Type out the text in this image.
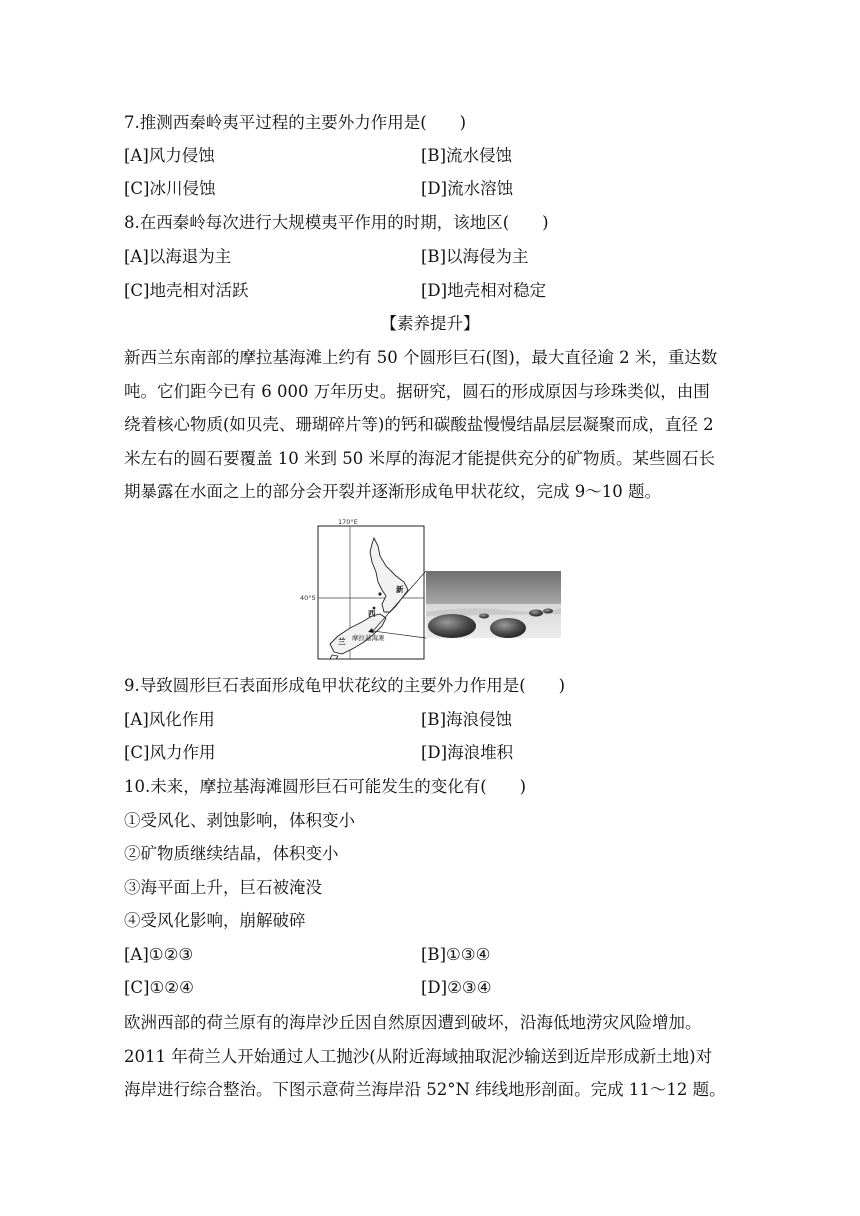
7.推测西秦岭夷平过程的主要外力作用是(　　)
[A]风力侵蚀	[B]流水侵蚀
[C]冰川侵蚀	[D]流水溶蚀
8.在西秦岭每次进行大规模夷平作用的时期，该地区(　　)
[A]以海退为主	[B]以海侵为主
[C]地壳相对活跃	[D]地壳相对稳定
【素养提升】
新西兰东南部的摩拉基海滩上约有 50 个圆形巨石(图)，最大直径逾 2 米，重达数
吨。它们距今已有 6 000 万年历史。据研究，圆石的形成原因与珍珠类似，由围
绕着核心物质(如贝壳、珊瑚碎片等)的钙和碳酸盐慢慢结晶层层凝聚而成，直径 2
米左右的圆石要覆盖 10 米到 50 米厚的海泥才能提供充分的矿物质。某些圆石长
期暴露在水面之上的部分会开裂并逐渐形成龟甲状花纹，完成 9～10 题。
170°E
40°S
新
西
兰 摩拉基海滩
9.导致圆形巨石表面形成龟甲状花纹的主要外力作用是(　　)
[A]风化作用	[B]海浪侵蚀
[C]风力作用	[D]海浪堆积
10.未来，摩拉基海滩圆形巨石可能发生的变化有(　　)
①受风化、剥蚀影响，体积变小
②矿物质继续结晶，体积变小
③海平面上升，巨石被淹没
④受风化影响，崩解破碎
[A]①②③	[B]①③④
[C]①②④	[D]②③④
欧洲西部的荷兰原有的海岸沙丘因自然原因遭到破坏，沿海低地涝灾风险增加。
2011 年荷兰人开始通过人工抛沙(从附近海域抽取泥沙输送到近岸形成新土地)对
海岸进行综合整治。下图示意荷兰海岸沿 52°N 纬线地形剖面。完成 11～12 题。
